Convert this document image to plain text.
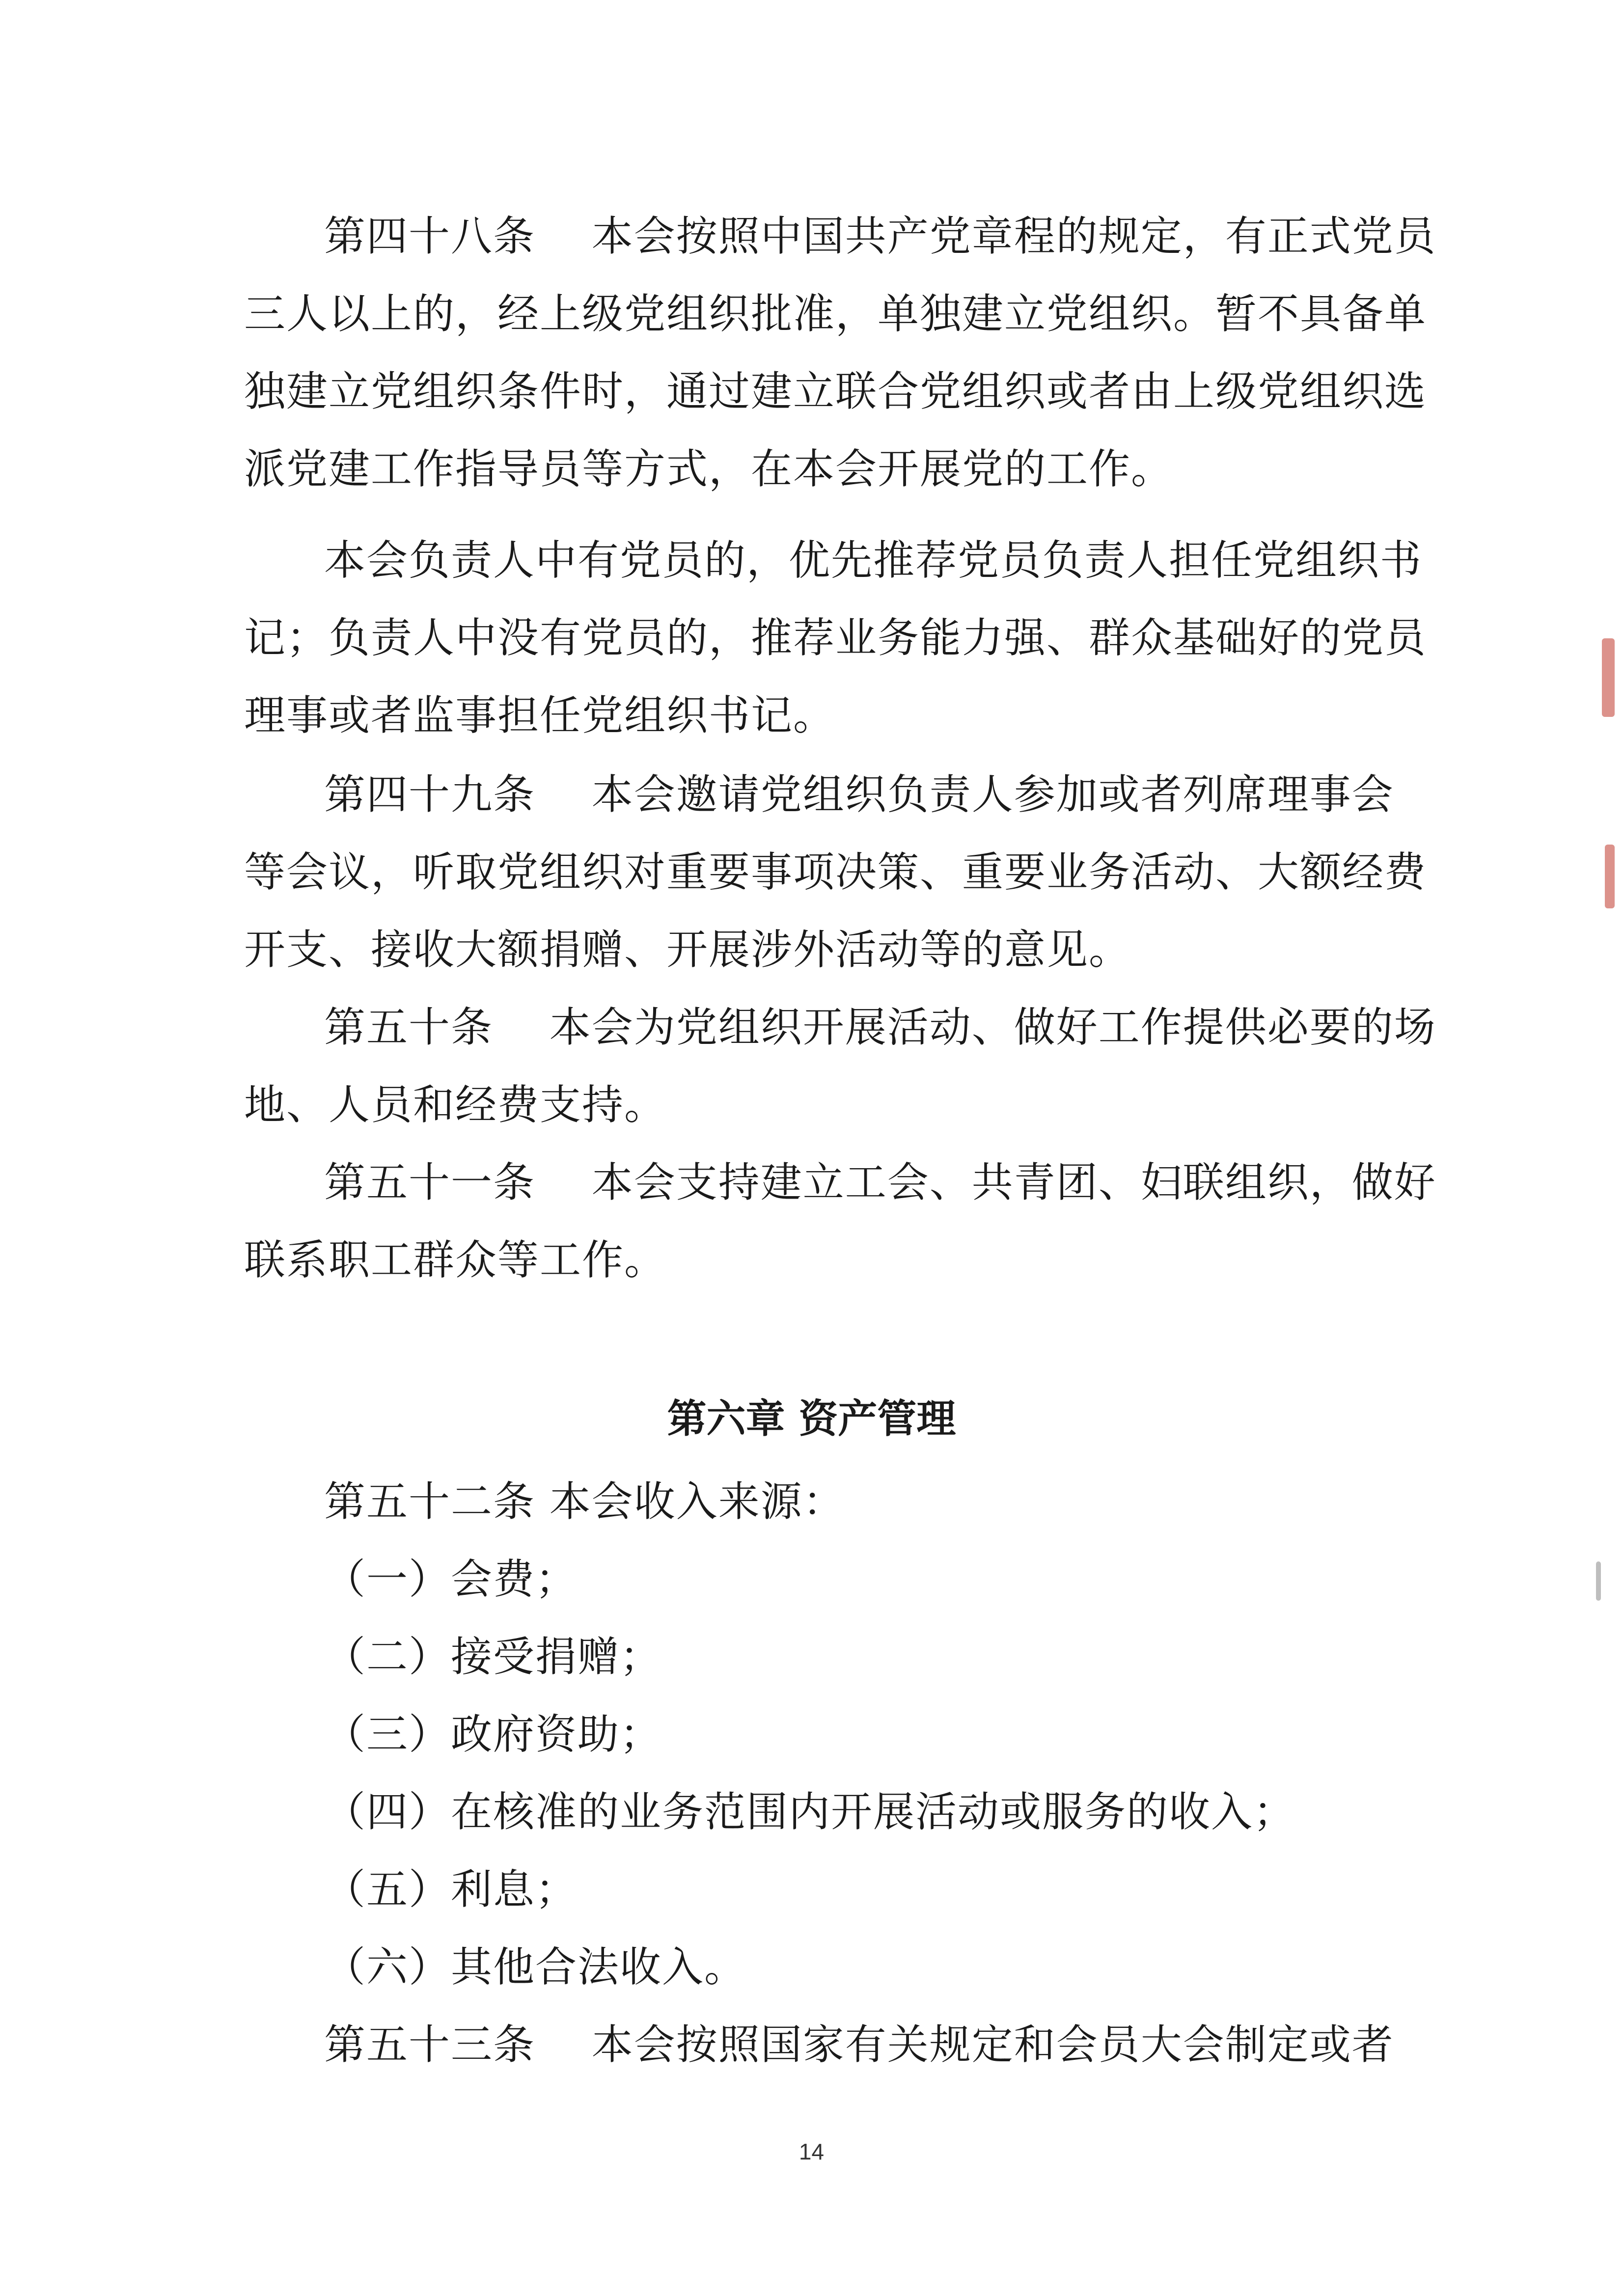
第四十八条　 本会按照中国共产党章程的规定，有正式党员
三人以上的，经上级党组织批准，单独建立党组织。暂不具备单
独建立党组织条件时，通过建立联合党组织或者由上级党组织选
派党建工作指导员等方式，在本会开展党的工作。
本会负责人中有党员的，优先推荐党员负责人担任党组织书
记；负责人中没有党员的，推荐业务能力强、群众基础好的党员
理事或者监事担任党组织书记。
第四十九条　 本会邀请党组织负责人参加或者列席理事会
等会议，听取党组织对重要事项决策、重要业务活动、大额经费
开支、接收大额捐赠、开展涉外活动等的意见。
第五十条　 本会为党组织开展活动、做好工作提供必要的场
地、人员和经费支持。
第五十一条　 本会支持建立工会、共青团、妇联组织，做好
联系职工群众等工作。
第六章 资产管理
第五十二条 本会收入来源：
（一）会费；
（二）接受捐赠；
（三）政府资助；
（四）在核准的业务范围内开展活动或服务的收入；
（五）利息；
（六）其他合法收入。
第五十三条　 本会按照国家有关规定和会员大会制定或者
14
